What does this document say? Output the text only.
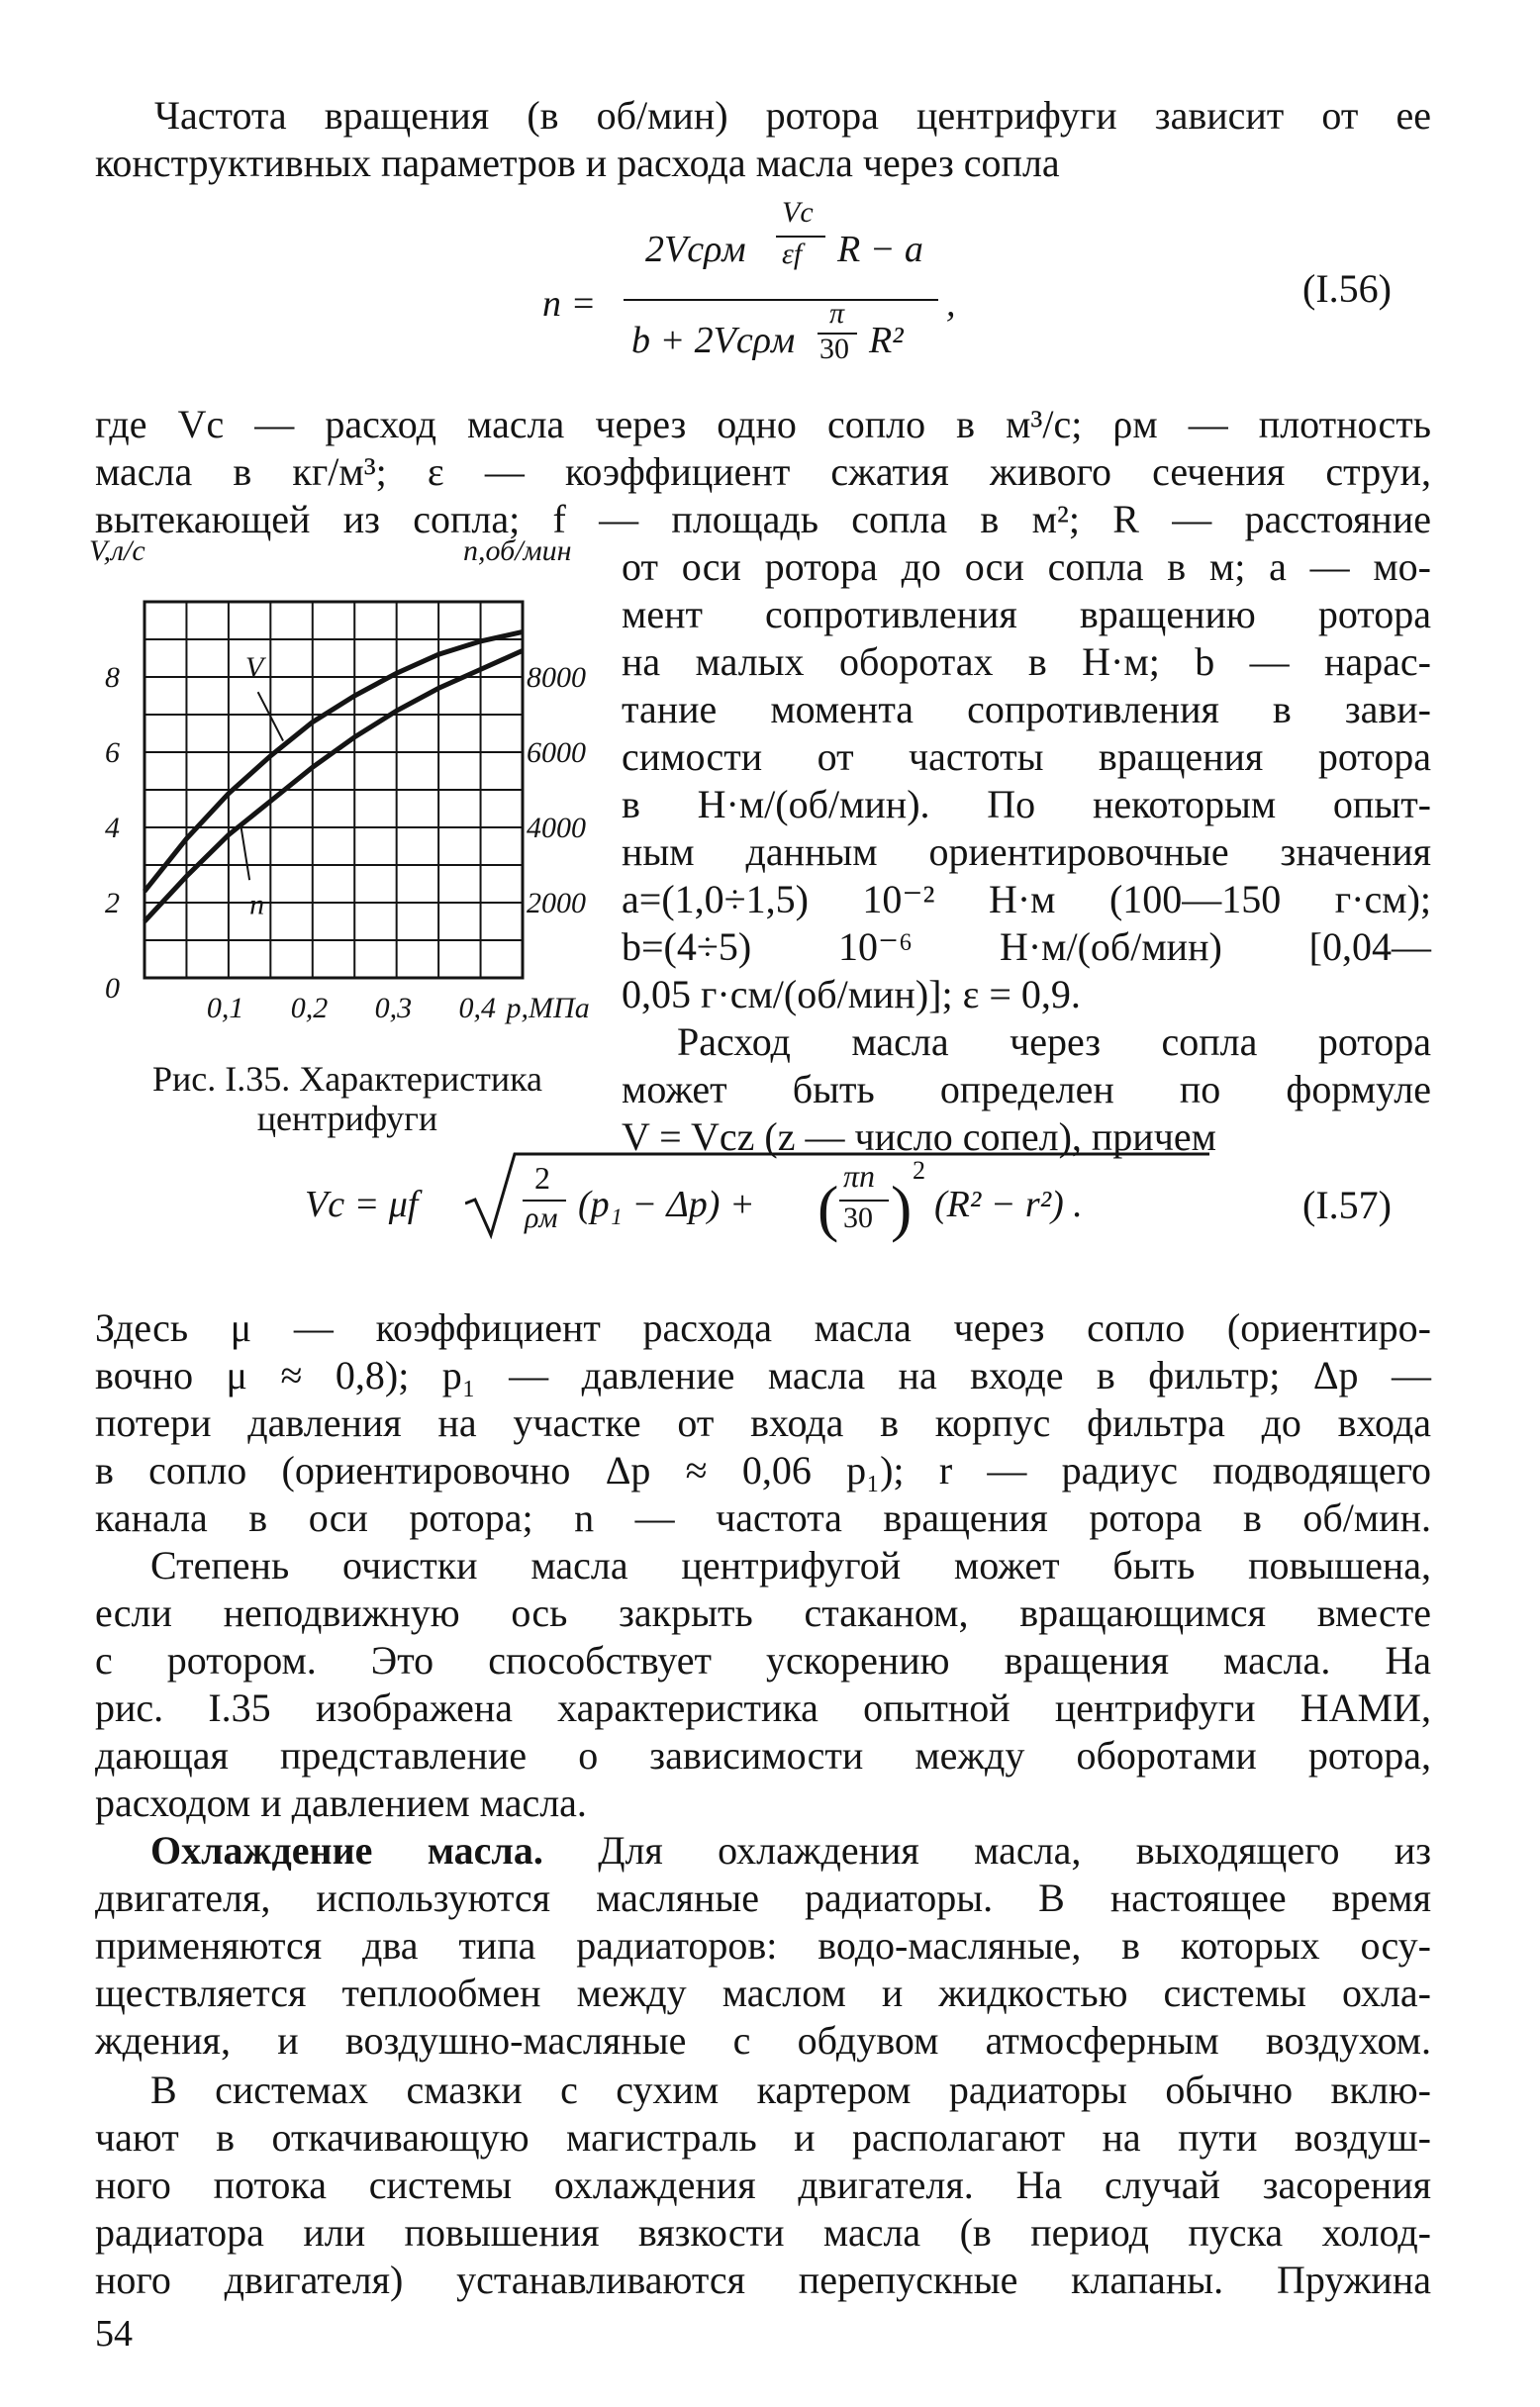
Частота вращения (в об/мин) ротора центрифуги зависит от ее
конструктивных параметров и расхода масла через сопла
n =
2Vcρм
Vc
εf R − a
b + 2Vcρм
π
30 R²
,	(I.56)
где Vc — расход масла через одно сопло в м³/с; ρм — плотность
масла в кг/м³; ε — коэффициент сжатия живого сечения струи,
вытекающей из сопла; f — площадь сопла в м²; R — расстояние
от оси ротора до оси сопла в м; a — мо-
мент сопротивления вращению ротора
на малых оборотах в Н·м; b — нарас-
тание момента сопротивления в зави-
симости от частоты вращения ротора
в Н·м/(об/мин). По некоторым опыт-
ным данным ориентировочные значения
a=(1,0÷1,5) 10⁻² Н·м (100—150 г·см);
b=(4÷5) 10⁻⁶ Н·м/(об/мин) [0,04—
0,05 г·см/(об/мин)]; ε = 0,9.
Расход масла через сопла ротора
может быть определен по формуле
V = Vcz (z — число сопел), причем
V
n
V,л/с	n,об/мин
0
2
4
6
8
2000
4000
6000
8000
0,1 0,2 0,3 0,4 p,МПа
Рис. I.35. Характеристика
центрифуги
Vc = μf
2
ρм (p₁ − Δp) + ( πn
30 )
2
(R² − r²) .	(I.57)
Здесь μ — коэффициент расхода масла через сопло (ориентиро-
вочно μ ≈ 0,8); p₁ — давление масла на входе в фильтр; Δp —
потери давления на участке от входа в корпус фильтра до входа
в сопло (ориентировочно Δp ≈ 0,06 p₁); r — радиус подводящего
канала в оси ротора; n — частота вращения ротора в об/мин.
Степень очистки масла центрифугой может быть повышена,
если неподвижную ось закрыть стаканом, вращающимся вместе
с ротором. Это способствует ускорению вращения масла. На
рис. I.35 изображена характеристика опытной центрифуги НАМИ,
дающая представление о зависимости между оборотами ротора,
расходом и давлением масла.
Охлаждение масла. Для охлаждения масла, выходящего из
двигателя, используются масляные радиаторы. В настоящее время
применяются два типа радиаторов: водо-масляные, в которых осу-
ществляется теплообмен между маслом и жидкостью системы охла-
ждения, и воздушно-масляные с обдувом атмосферным воздухом.
В системах смазки с сухим картером радиаторы обычно вклю-
чают в откачивающую магистраль и располагают на пути воздуш-
ного потока системы охлаждения двигателя. На случай засорения
радиатора или повышения вязкости масла (в период пуска холод-
ного двигателя) устанавливаются перепускные клапаны. Пружина
54
